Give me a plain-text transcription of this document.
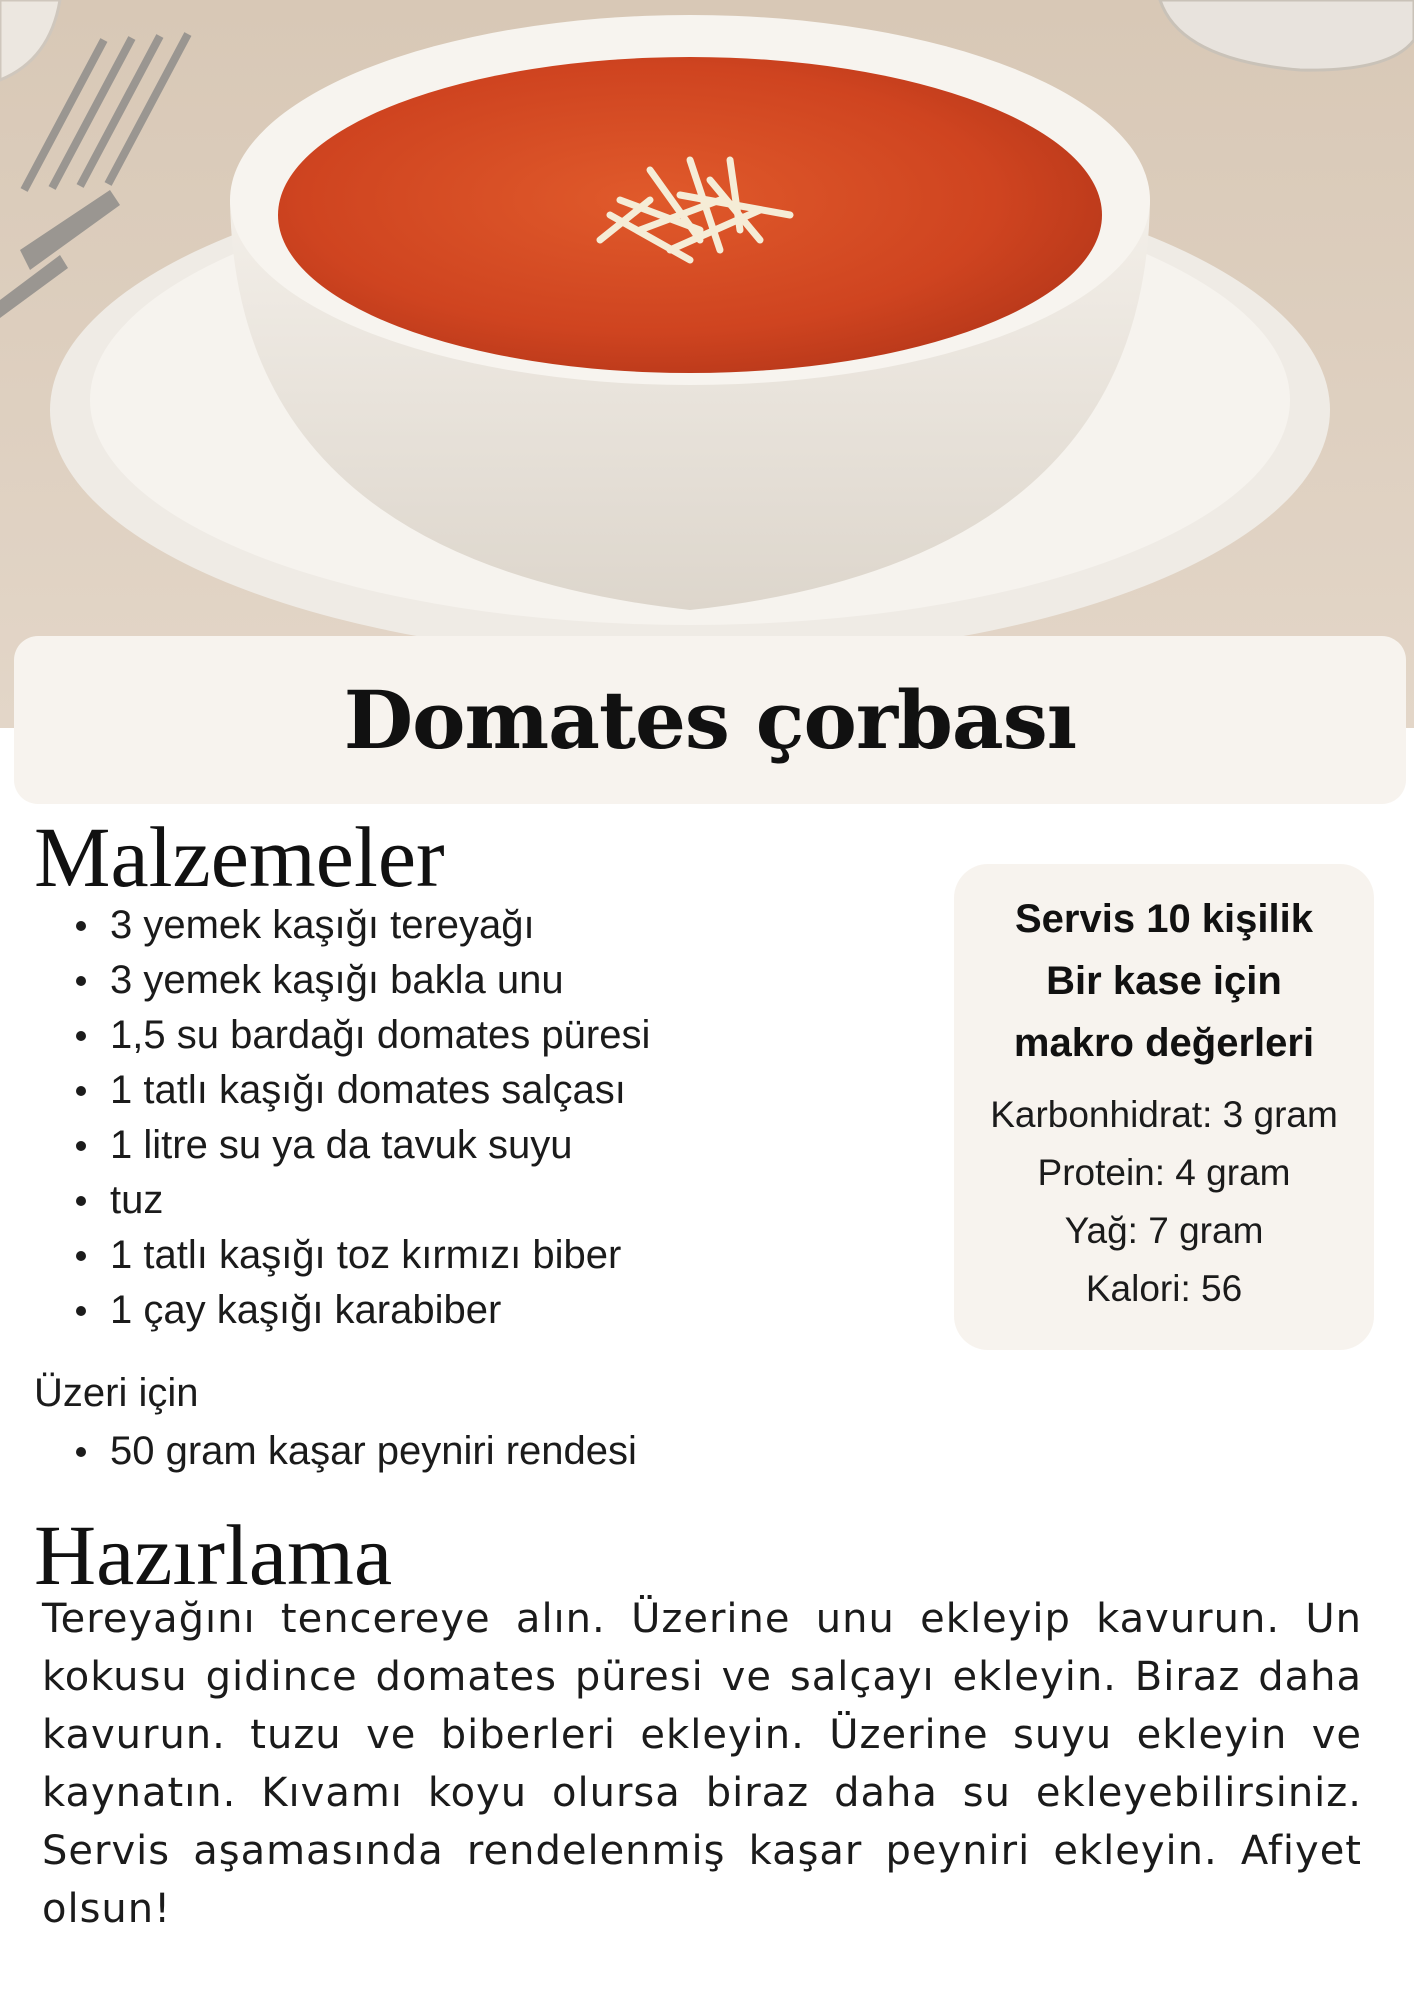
Domates çorbası
Malzemeler
3 yemek kaşığı tereyağı
3 yemek kaşığı bakla unu
1,5 su bardağı domates püresi
1 tatlı kaşığı domates salçası
1 litre su ya da tavuk suyu
tuz
1 tatlı kaşığı toz kırmızı biber
1 çay kaşığı karabiber

Üzeri için

50 gram kaşar peyniri rendesi

Servis 10 kişilik

Bir kase için

makro değerleri

Karbonhidrat: 3 gram

Protein: 4 gram

Yağ: 7 gram

Kalori: 56

Hazırlama

Tereyağını tencereye alın. Üzerine unu ekleyip kavurun. Un kokusu gidince domates püresi ve salçayı ekleyin. Biraz daha kavurun. tuzu ve biberleri ekleyin. Üzerine suyu ekleyin ve kaynatın. Kıvamı koyu olursa biraz daha su ekleyebilirsiniz. Servis aşamasında rendelenmiş kaşar peyniri ekleyin. Afiyet olsun!
